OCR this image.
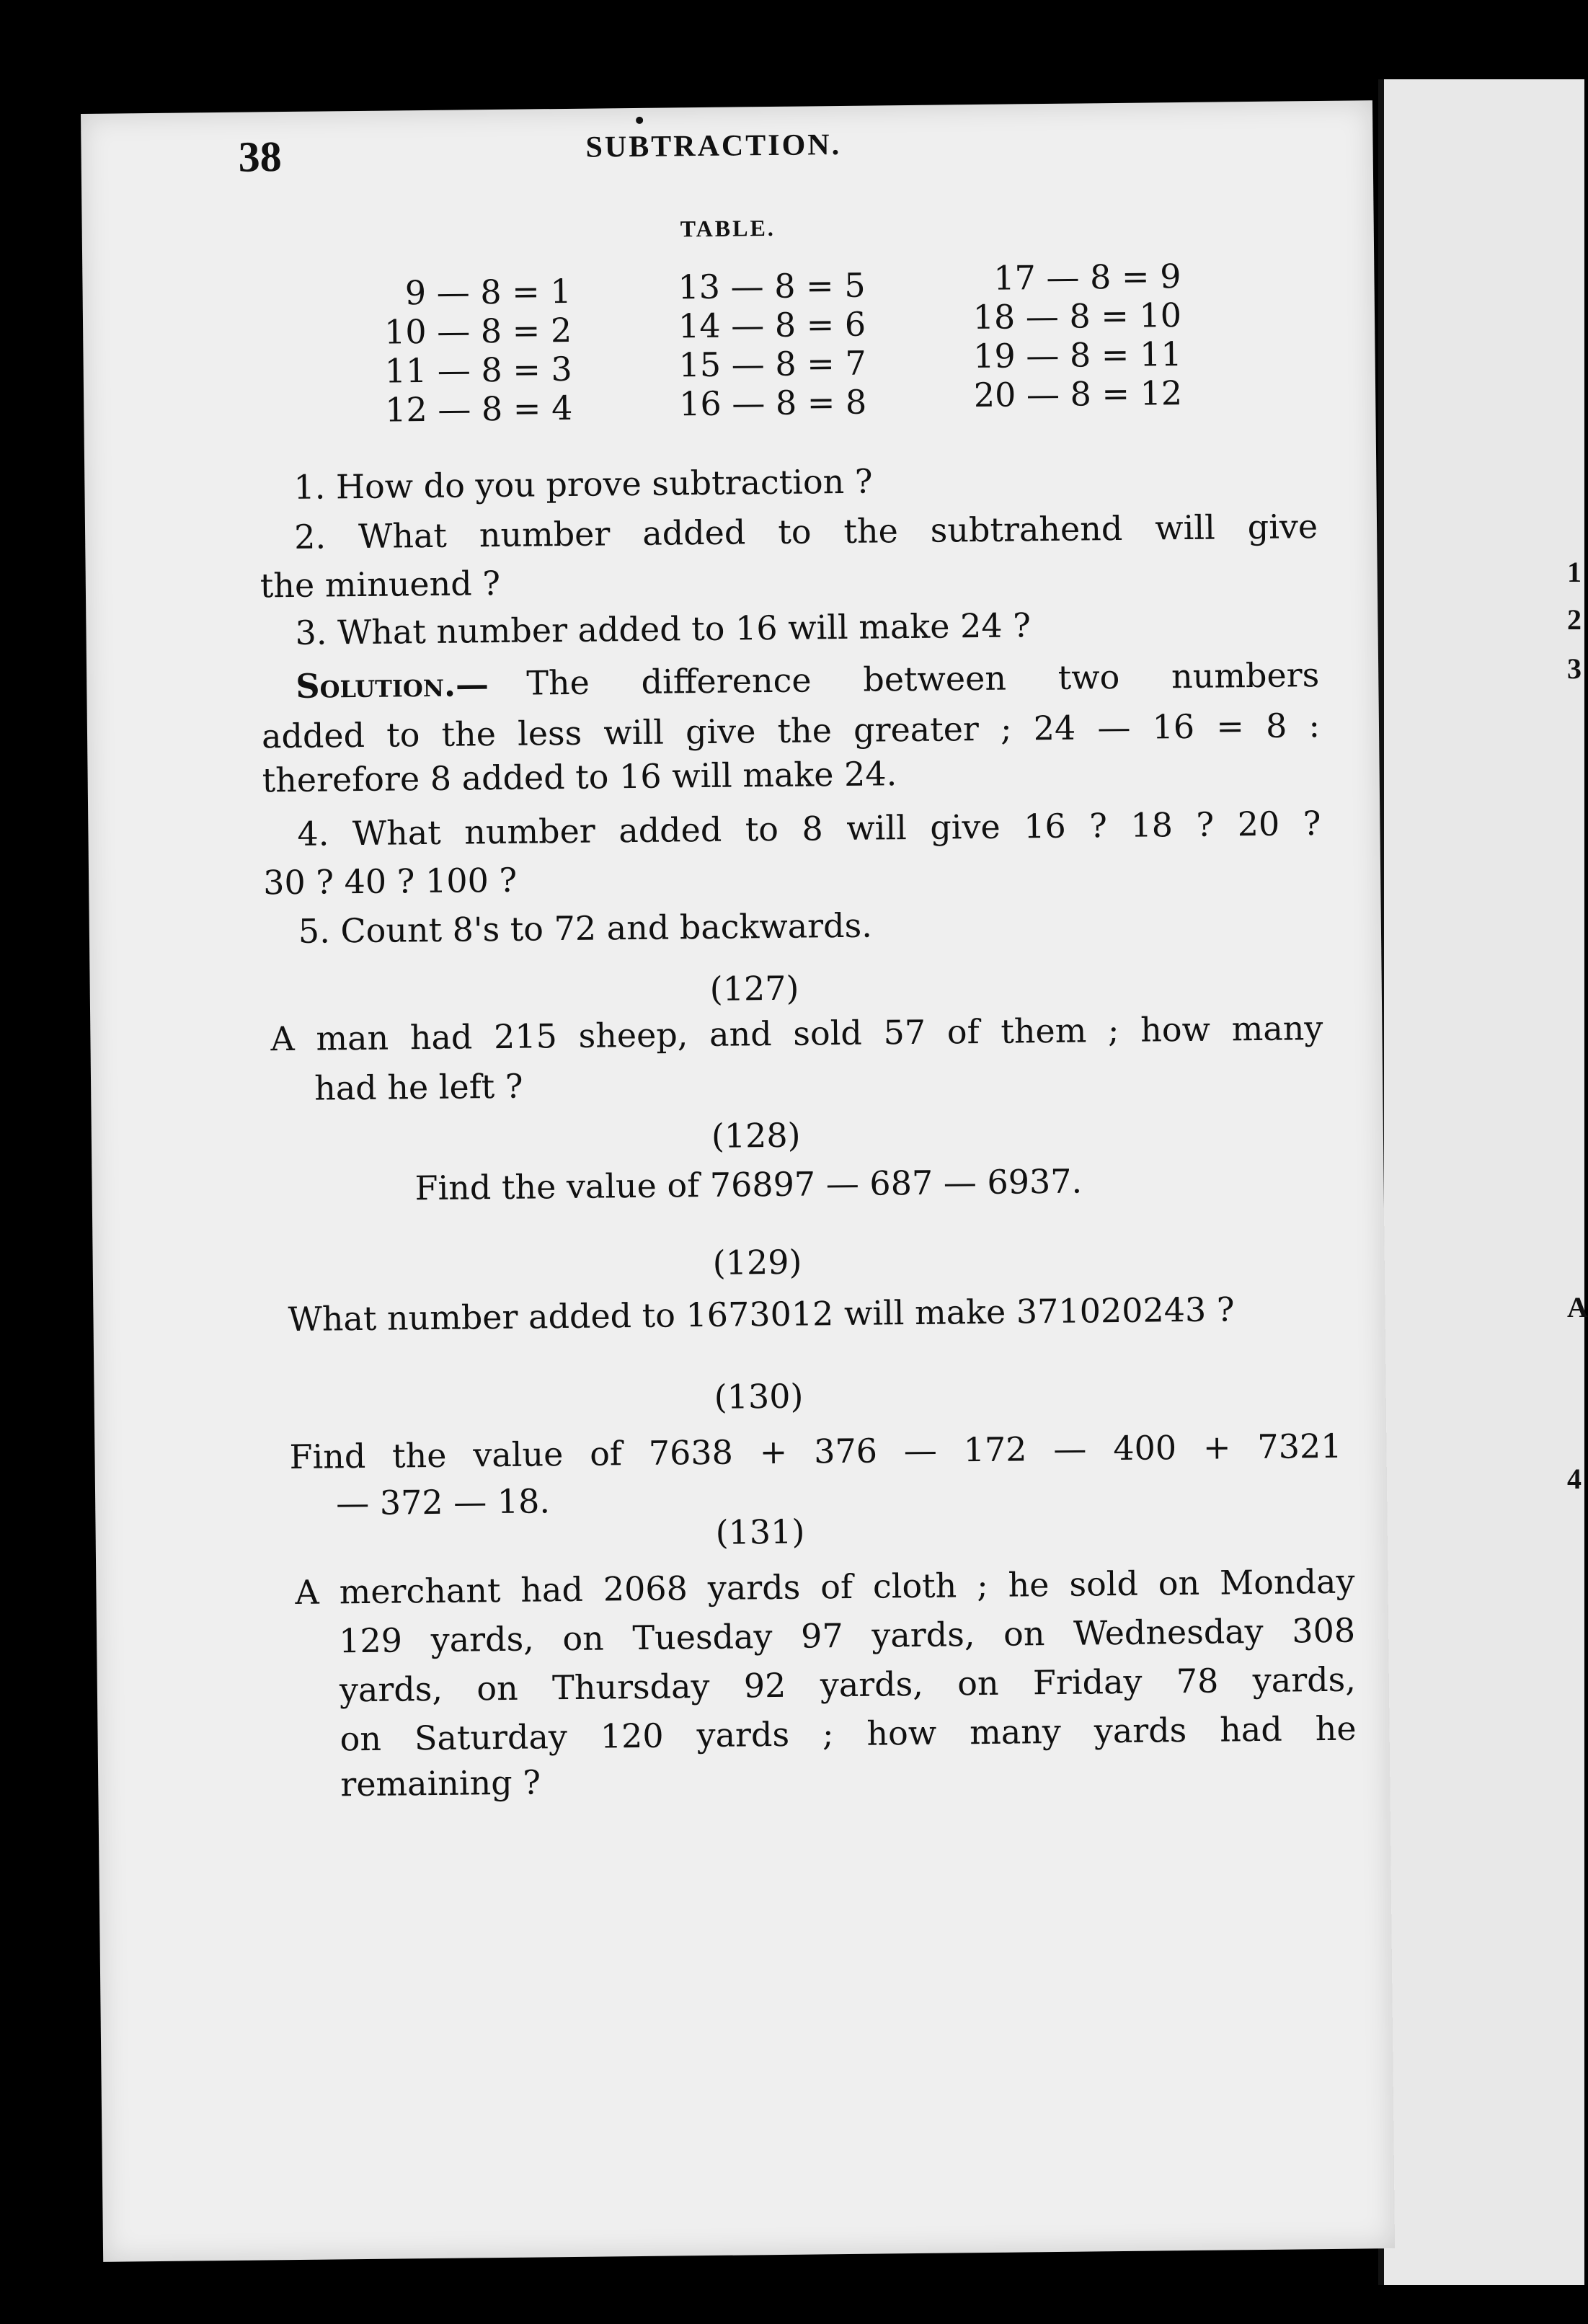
1
2
3
A
4
38	SUBTRACTION.
TABLE.
9 — 8 = 1
10 — 8 = 2
11 — 8 = 3
12 — 8 = 4
13 — 8 = 5
14 — 8 = 6
15 — 8 = 7
16 — 8 = 8
17 — 8 = 9
18 — 8 = 10
19 — 8 = 11
20 — 8 = 12
1. How do you prove subtraction ?
2. What number added to the subtrahend will give
the minuend ?
3. What number added to 16 will make 24 ?
Solution.— The difference between two numbers
added to the less will give the greater ; 24 — 16 = 8 :
therefore 8 added to 16 will make 24.
4. What number added to 8 will give 16 ? 18 ? 20 ?
30 ? 40 ? 100 ?
5. Count 8's to 72 and backwards.
(127)
A man had 215 sheep, and sold 57 of them ; how many
had he left ?
(128)
Find the value of 76897 — 687 — 6937.
(129)
What number added to 1673012 will make 371020243 ?
(130)
Find the value of 7638 + 376 — 172 — 400 + 7321
— 372 — 18.
(131)
A merchant had 2068 yards of cloth ; he sold on Monday
129 yards, on Tuesday 97 yards, on Wednesday 308
yards, on Thursday 92 yards, on Friday 78 yards,
on Saturday 120 yards ; how many yards had he
remaining ?
